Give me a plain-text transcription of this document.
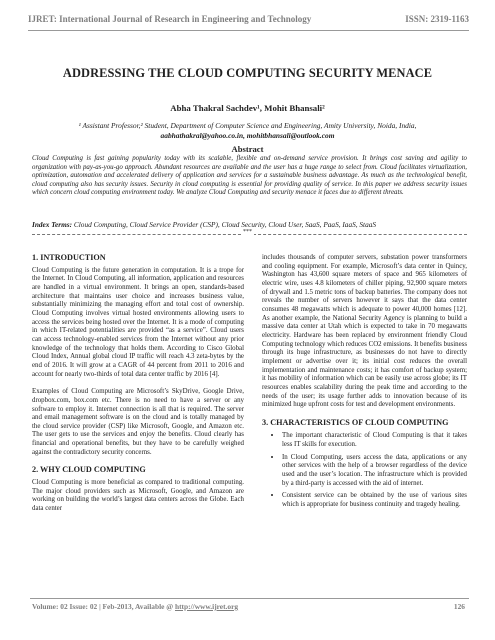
IJRET: International Journal of Research in Engineering and Technology	ISSN: 2319-1163
ADDRESSING THE CLOUD COMPUTING SECURITY MENACE
Abha Thakral Sachdev¹, Mohit Bhansali²
¹ Assistant Professor,² Student, Department of Computer Science and Engineering, Amity University, Noida, India,
aabhathakral@yahoo.co.in, mohitbhansali@outlook.com
Abstract
Cloud Computing is fast gaining popularity today with its scalable, flexible and on-demand service provision. It brings cost saving and agility to organization with pay-as-you-go approach. Abundant resources are available and the user has a huge range to select from. Cloud facilitates virtualization, optimization, automation and accelerated delivery of application and services for a sustainable business advantage. As much as the technological benefit, cloud computing also has security issues. Security in cloud computing is essential for providing quality of service. In this paper we address security issues which concern cloud computing environment today. We analyze Cloud Computing and security menace it faces due to different threats.
Index Terms: Cloud Computing, Cloud Service Provider (CSP), Cloud Security, Cloud User, SaaS, PaaS, IaaS, StaaS
***
1. INTRODUCTION

Cloud Computing is the future generation in computation. It is a trope for the Internet. In Cloud Computing, all information, application and resources are handled in a virtual environment. It brings an open, standards-based architecture that maintains user choice and increases business value, substantially minimizing the managing effort and total cost of ownership. Cloud Computing involves virtual hosted environments allowing users to access the services being hosted over the Internet. It is a mode of computing in which IT-related potentialities are provided “as a service”. Cloud users can access technology-enabled services from the Internet without any prior knowledge of the technology that holds them. According to Cisco Global Cloud Index, Annual global cloud IP traffic will reach 4.3 zeta-bytes by the end of 2016. It will grow at a CAGR of 44 percent from 2011 to 2016 and account for nearly two-thirds of total data center traffic by 2016 [4].

Examples of Cloud Computing are Microsoft’s SkyDrive, Google Drive, dropbox.com, box.com etc. There is no need to have a server or any software to employ it. Internet connection is all that is required. The server and email management software is on the cloud and is totally managed by the cloud service provider (CSP) like Microsoft, Google, and Amazon etc. The user gets to use the services and enjoy the benefits. Cloud clearly has financial and operational benefits, but they have to be carefully weighed against the contradictory security concerns.

2. WHY CLOUD COMPUTING

Cloud Computing is more beneficial as compared to traditional computing. The major cloud providers such as Microsoft, Google, and Amazon are working on building the world’s largest data centers across the Globe. Each data center

includes thousands of computer servers, substation power transformers and cooling equipment. For example, Microsoft’s data center in Quincy, Washington has 43,600 square meters of space and 965 kilometers of electric wire, uses 4.8 kilometers of chiller piping, 92,900 square meters of drywall and 1.5 metric tons of backup batteries. The company does not reveals the number of servers however it says that the data center consumes 48 megawatts which is adequate to power 40,000 homes [12]. As another example, the National Security Agency is planning to build a massive data center at Utah which is expected to take in 70 megawatts electricity. Hardware has been replaced by environment friendly Cloud Computing technology which reduces CO2 emissions. It benefits business through its huge infrastructure, as businesses do not have to directly implement or advertise over it; its initial cost reduces the overall implementation and maintenance costs; it has comfort of backup system; it has mobility of information which can be easily use across globe; its IT resources enables scalability during the peak time and according to the needs of the user; its usage further adds to innovation because of its minimized huge upfront costs for test and development environments.

3. CHARACTERISTICS OF CLOUD COMPUTING
• The important characteristic of Cloud Computing is that it takes less IT skills for execution.
• In Cloud Computing, users access the data, applications or any other services with the help of a browser regardless of the device used and the user’s location. The infrastructure which is provided by a third-party is accessed with the aid of internet.
• Consistent service can be obtained by the use of various sites which is appropriate for business continuity and tragedy healing.
Volume: 02 Issue: 02 | Feb-2013, Available @ http://www.ijret.org	126
